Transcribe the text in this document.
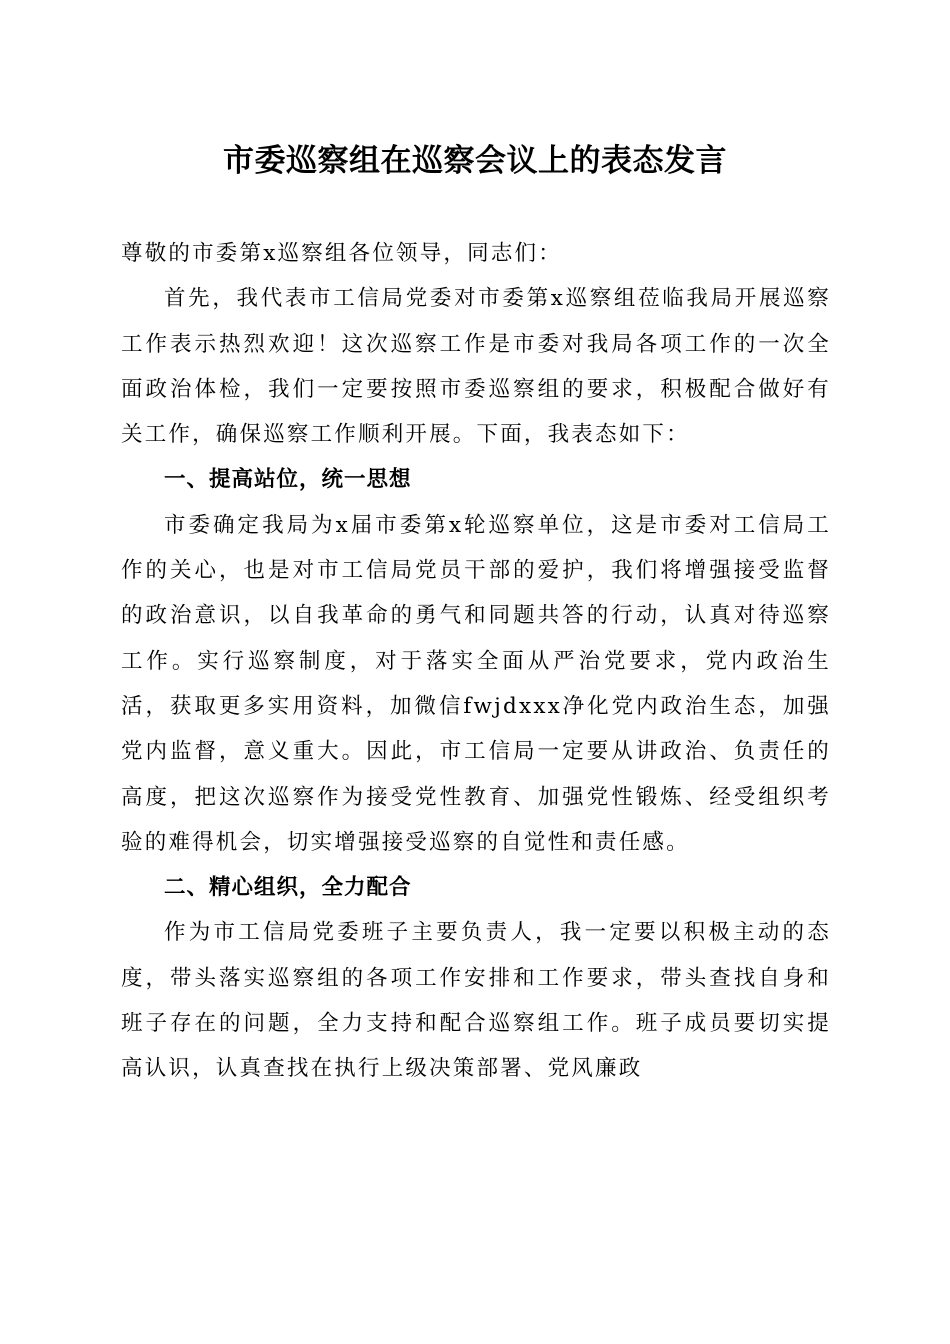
市委巡察组在巡察会议上的表态发言

尊敬的市委第x巡察组各位领导，同志们：

首先，我代表市工信局党委对市委第x巡察组莅临我局开展巡察工作表示热烈欢迎！这次巡察工作是市委对我局各项工作的一次全面政治体检，我们一定要按照市委巡察组的要求，积极配合做好有关工作，确保巡察工作顺利开展。下面，我表态如下：

一、提高站位，统一思想

市委确定我局为x届市委第x轮巡察单位，这是市委对工信局工作的关心，也是对市工信局党员干部的爱护，我们将增强接受监督的政治意识，以自我革命的勇气和同题共答的行动，认真对待巡察工作。实行巡察制度，对于落实全面从严治党要求，党内政治生活，获取更多实用资料，加微信fwjdxxx净化党内政治生态，加强党内监督，意义重大。因此，市工信局一定要从讲政治、负责任的高度，把这次巡察作为接受党性教育、加强党性锻炼、经受组织考验的难得机会，切实增强接受巡察的自觉性和责任感。

二、精心组织，全力配合

作为市工信局党委班子主要负责人，我一定要以积极主动的态度，带头落实巡察组的各项工作安排和工作要求，带头查找自身和班子存在的问题，全力支持和配合巡察组工作。班子成员要切实提高认识，认真查找在执行上级决策部署、党风廉政
